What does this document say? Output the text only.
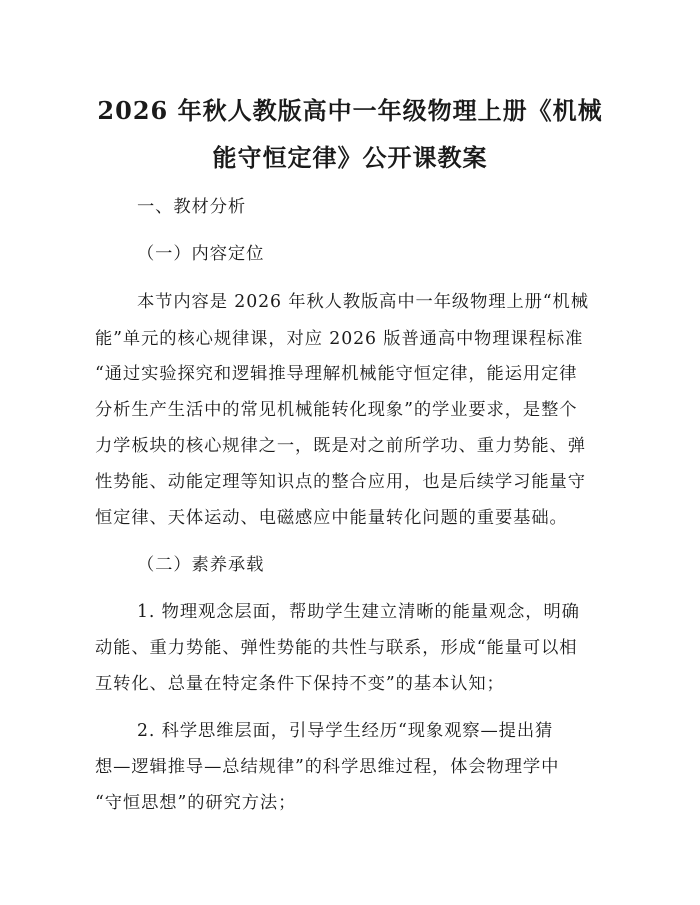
2026 年秋人教版高中一年级物理上册《机械
能守恒定律》公开课教案
一、教材分析
（一）内容定位
本节内容是 2026 年秋人教版高中一年级物理上册“机械
能”单元的核心规律课，对应 2026 版普通高中物理课程标准
“通过实验探究和逻辑推导理解机械能守恒定律，能运用定律
分析生产生活中的常见机械能转化现象”的学业要求，是整个
力学板块的核心规律之一，既是对之前所学功、重力势能、弹
性势能、动能定理等知识点的整合应用，也是后续学习能量守
恒定律、天体运动、电磁感应中能量转化问题的重要基础。
（二）素养承载
1. 物理观念层面，帮助学生建立清晰的能量观念，明确
动能、重力势能、弹性势能的共性与联系，形成“能量可以相
互转化、总量在特定条件下保持不变”的基本认知；
2. 科学思维层面，引导学生经历“现象观察—提出猜
想—逻辑推导—总结规律”的科学思维过程，体会物理学中
“守恒思想”的研究方法；
